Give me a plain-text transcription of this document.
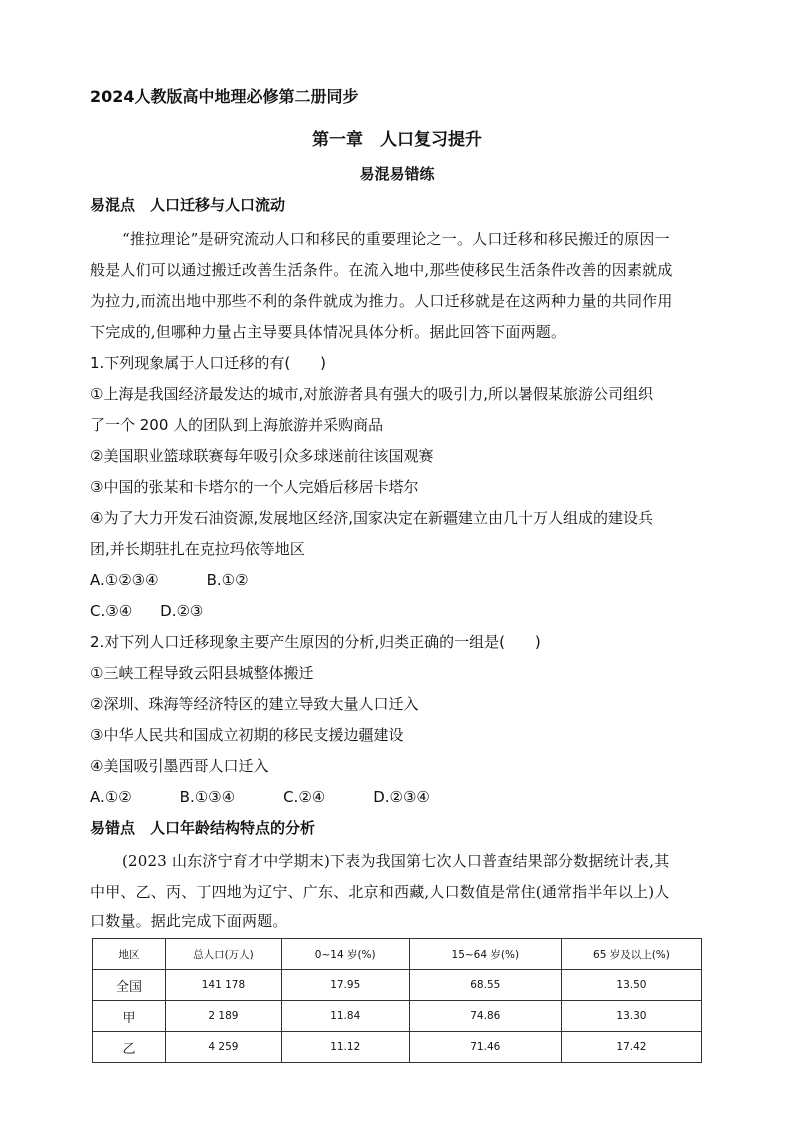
2024人教版高中地理必修第二册同步
第一章　人口复习提升
易混易错练
易混点　人口迁移与人口流动
“推拉理论”是研究流动人口和移民的重要理论之一。人口迁移和移民搬迁的原因一
般是人们可以通过搬迁改善生活条件。在流入地中,那些使移民生活条件改善的因素就成
为拉力,而流出地中那些不利的条件就成为推力。人口迁移就是在这两种力量的共同作用
下完成的,但哪种力量占主导要具体情况具体分析。据此回答下面两题。
1.下列现象属于人口迁移的有(　　)
①上海是我国经济最发达的城市,对旅游者具有强大的吸引力,所以暑假某旅游公司组织
了一个 200 人的团队到上海旅游并采购商品
②美国职业篮球联赛每年吸引众多球迷前往该国观赛
③中国的张某和卡塔尔的一个人完婚后移居卡塔尔
④为了大力开发石油资源,发展地区经济,国家决定在新疆建立由几十万人组成的建设兵
团,并长期驻扎在克拉玛依等地区
A.①②③④	B.①②
C.③④ D.②③
2.对下列人口迁移现象主要产生原因的分析,归类正确的一组是(　　)
①三峡工程导致云阳县城整体搬迁
②深圳、珠海等经济特区的建立导致大量人口迁入
③中华人民共和国成立初期的移民支援边疆建设
④美国吸引墨西哥人口迁入
A.①②	B.①③④	C.②④	D.②③④
易错点　人口年龄结构特点的分析
(2023 山东济宁育才中学期末)下表为我国第七次人口普查结果部分数据统计表,其
中甲、乙、丙、丁四地为辽宁、广东、北京和西藏,人口数值是常住(通常指半年以上)人
口数量。据此完成下面两题。
地区	总人口(万人)	0~14 岁(%)	15~64 岁(%)	65 岁及以上(%)
全国	141 178	17.95	68.55	13.50
甲	2 189	11.84	74.86	13.30
乙	4 259	11.12	71.46	17.42
